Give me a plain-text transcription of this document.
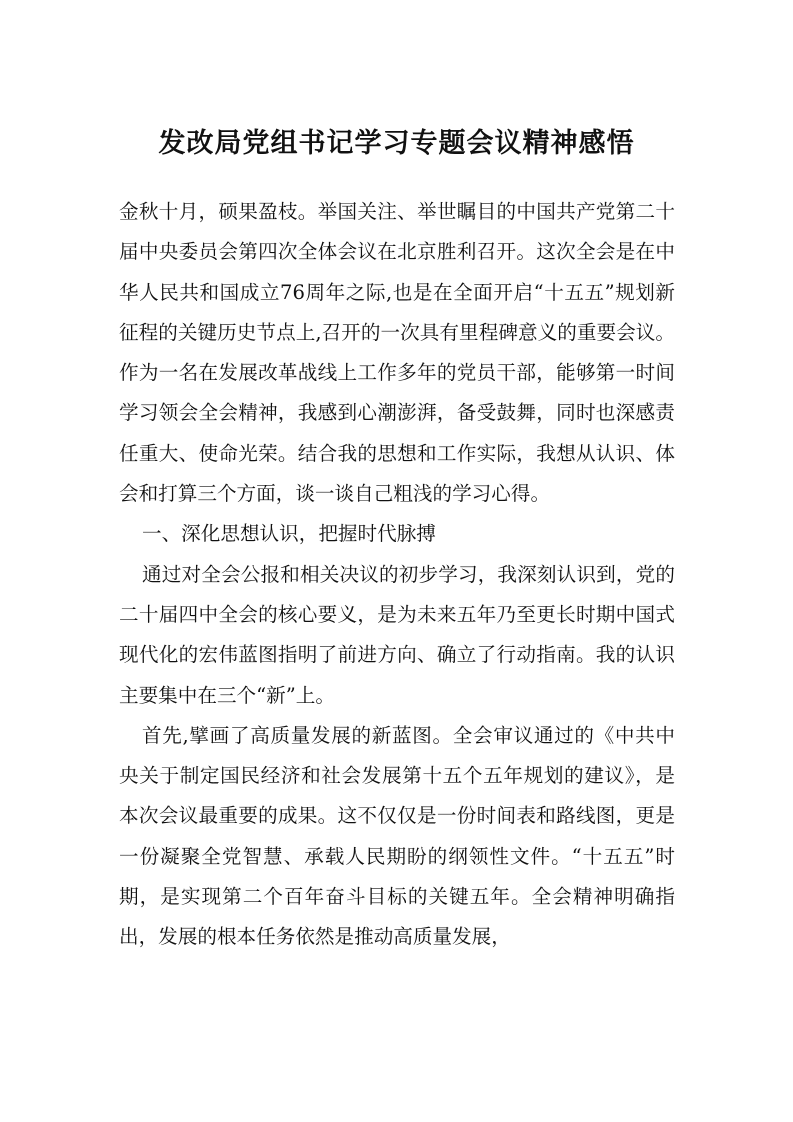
发改局党组书记学习专题会议精神感悟

金秋十月，硕果盈枝。举国关注、举世瞩目的中国共产党第二十届中央委员会第四次全体会议在北京胜利召开。这次全会是在中华人民共和国成立76周年之际,也是在全面开启“十五五”规划新征程的关键历史节点上,召开的一次具有里程碑意义的重要会议。作为一名在发展改革战线上工作多年的党员干部，能够第一时间学习领会全会精神，我感到心潮澎湃，备受鼓舞，同时也深感责任重大、使命光荣。结合我的思想和工作实际，我想从认识、体会和打算三个方面，谈一谈自己粗浅的学习心得。

一、深化思想认识，把握时代脉搏

通过对全会公报和相关决议的初步学习，我深刻认识到，党的二十届四中全会的核心要义，是为未来五年乃至更长时期中国式现代化的宏伟蓝图指明了前进方向、确立了行动指南。我的认识主要集中在三个“新”上。

首先,擘画了高质量发展的新蓝图。全会审议通过的《中共中央关于制定国民经济和社会发展第十五个五年规划的建议》，是本次会议最重要的成果。这不仅仅是一份时间表和路线图，更是一份凝聚全党智慧、承载人民期盼的纲领性文件。“十五五”时期，是实现第二个百年奋斗目标的关键五年。全会精神明确指出，发展的根本任务依然是推动高质量发展，
